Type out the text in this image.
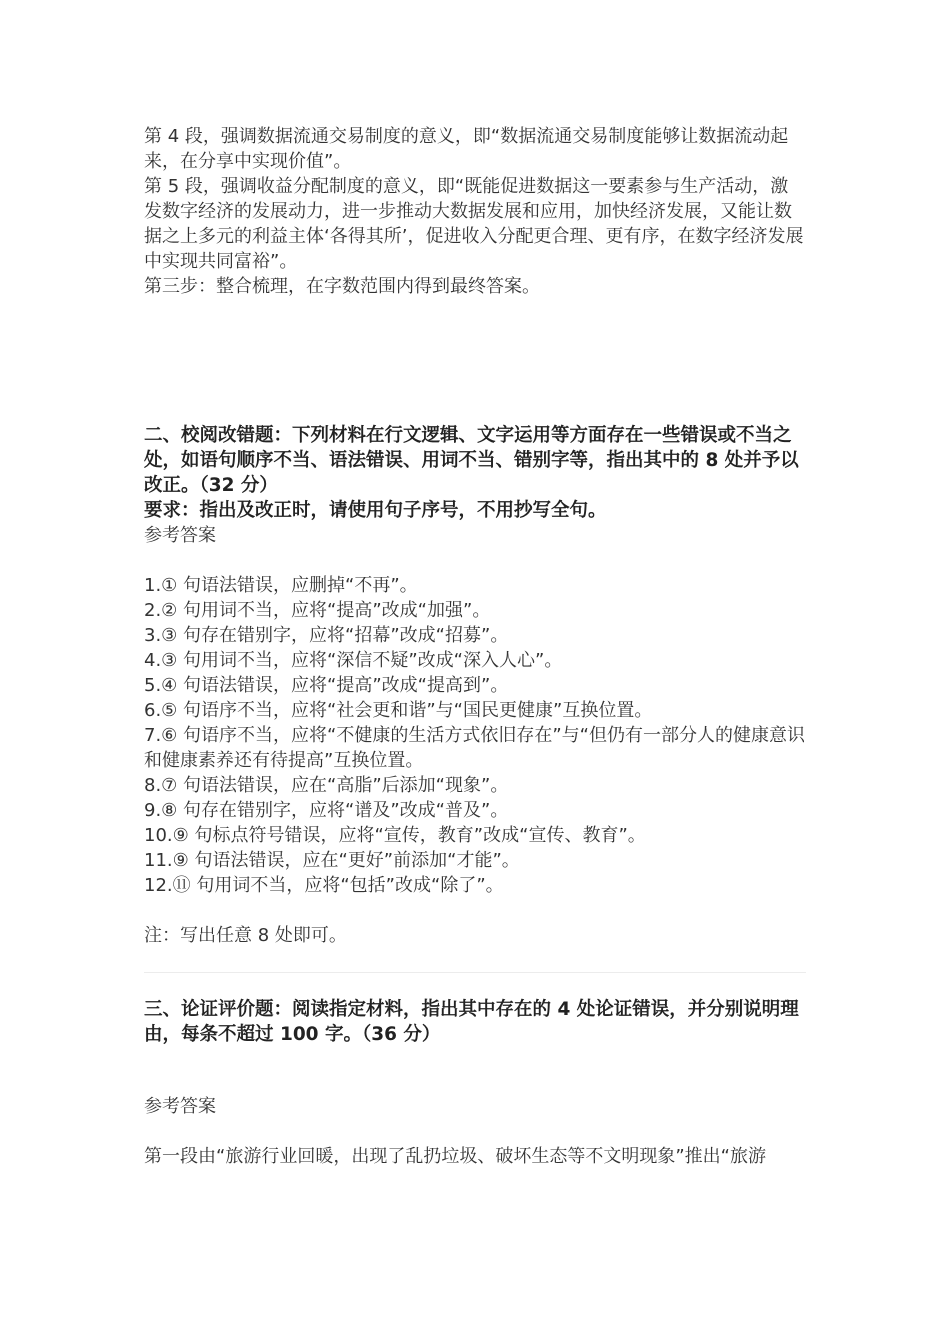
第 4 段，强调数据流通交易制度的意义，即“数据流通交易制度能够让数据流动起来，在分享中实现价值”。

第 5 段，强调收益分配制度的意义，即“既能促进数据这一要素参与生产活动，激发数字经济的发展动力，进一步推动大数据发展和应用，加快经济发展，又能让数据之上多元的利益主体‘各得其所’，促进收入分配更合理、更有序，在数字经济发展中实现共同富裕”。

第三步：整合梳理，在字数范围内得到最终答案。

二、校阅改错题：下列材料在行文逻辑、文字运用等方面存在一些错误或不当之处，如语句顺序不当、语法错误、用词不当、错别字等，指出其中的 8 处并予以改正。（32 分）

要求：指出及改正时，请使用句子序号，不用抄写全句。

参考答案

1.① 句语法错误，应删掉“不再”。
2.② 句用词不当，应将“提高”改成“加强”。
3.③ 句存在错别字，应将“招幕”改成“招募”。
4.③ 句用词不当，应将“深信不疑”改成“深入人心”。
5.④ 句语法错误，应将“提高”改成“提高到”。
6.⑤ 句语序不当，应将“社会更和谐”与“国民更健康”互换位置。
7.⑥ 句语序不当，应将“不健康的生活方式依旧存在”与“但仍有一部分人的健康意识和健康素养还有待提高”互换位置。
8.⑦ 句语法错误，应在“高脂”后添加“现象”。
9.⑧ 句存在错别字，应将“谱及”改成“普及”。
10.⑨ 句标点符号错误，应将“宣传，教育”改成“宣传、教育”。
11.⑨ 句语法错误，应在“更好”前添加“才能”。
12.⑪ 句用词不当，应将“包括”改成“除了”。

注：写出任意 8 处即可。

三、论证评价题：阅读指定材料，指出其中存在的 4 处论证错误，并分别说明理由，每条不超过 100 字。（36 分）

参考答案

第一段由“旅游行业回暖，出现了乱扔垃圾、破坏生态等不文明现象”推出“旅游
